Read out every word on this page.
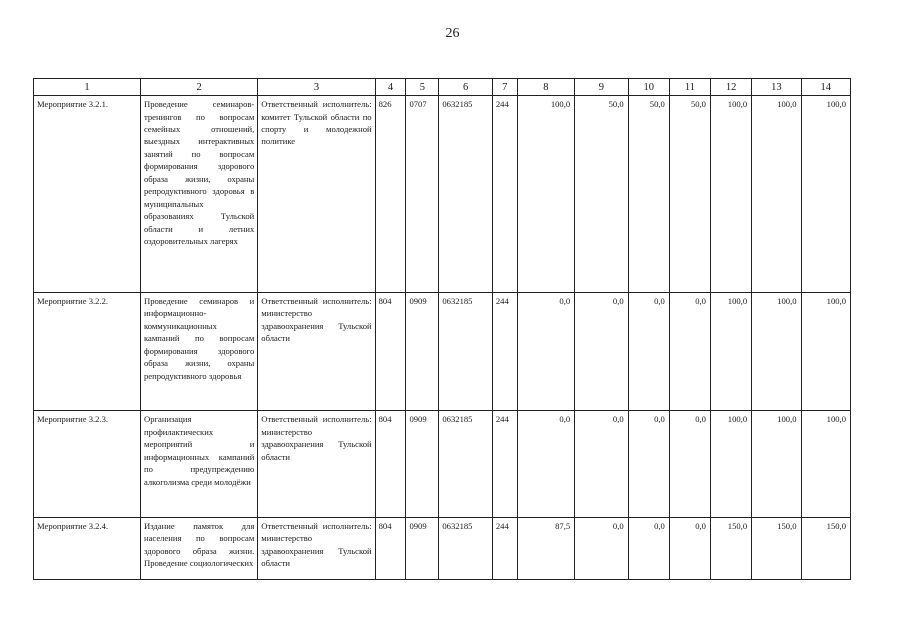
26
1	2	3	4	5	6	7	8	9	10	11	12	13	14
Мероприятие 3.2.1.	Проведение семинаров-тренингов по вопросам семейных отношений, выездных интерактивных занятий по вопросам формирования здорового образа жизни, охраны репродуктивного здоровья в муниципальных образованиях Тульской области и летних оздоровительных лагерях	Ответственный исполнитель: комитет Тульской области по спорту и молодежной политике	826	0707	0632185	244	100,0	50,0	50,0	50,0	100,0	100,0	100,0
Мероприятие 3.2.2.	Проведение семинаров и информационно-коммуникационных кампаний по вопросам формирования здорового образа жизни, охраны репродуктивного здоровья	Ответственный исполнитель: министерство здравоохранения Тульской области	804	0909	0632185	244	0,0	0,0	0,0	0,0	100,0	100,0	100,0
Мероприятие 3.2.3.	Организация профилактических мероприятий и информационных кампаний по предупреждению алкоголизма среди молодёжи	Ответственный исполнитель: министерство здравоохранения Тульской области	804	0909	0632185	244	0,0	0,0	0,0	0,0	100,0	100,0	100,0
Мероприятие 3.2.4.	Издание памяток для населения по вопросам здорового образа жизни. Проведение социологических	Ответственный исполнитель: министерство здравоохранения Тульской области	804	0909	0632185	244	87,5	0,0	0,0	0,0	150,0	150,0	150,0
